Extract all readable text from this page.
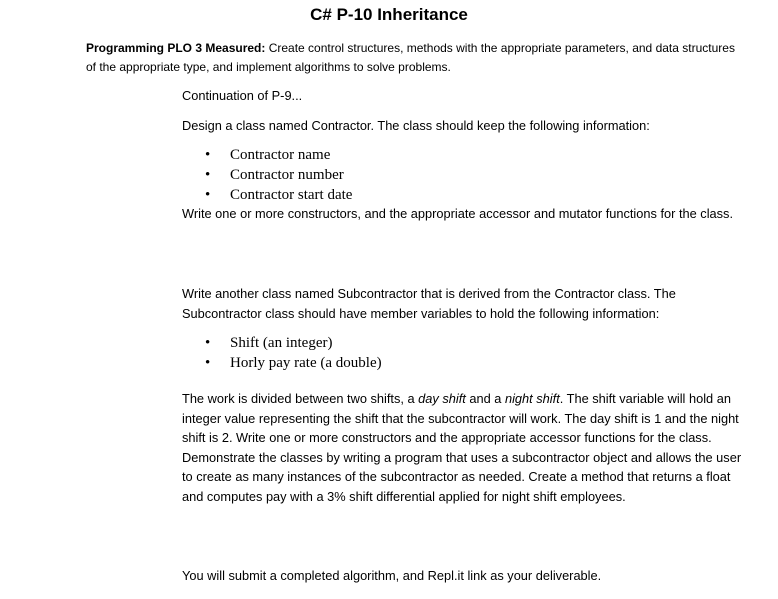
C# P-10 Inheritance
Programming PLO 3 Measured: Create control structures, methods with the appropriate parameters, and data structures of the appropriate type, and implement algorithms to solve problems.
Continuation of P-9...
Design a class named Contractor. The class should keep the following information:
• Contractor name
• Contractor number
• Contractor start date
Write one or more constructors, and the appropriate accessor and mutator functions for the class.
Write another class named Subcontractor that is derived from the Contractor class. The Subcontractor class should have member variables to hold the following information:
• Shift (an integer)
• Horly pay rate (a double)
The work is divided between two shifts, a day shift and a night shift. The shift variable will hold an integer value representing the shift that the subcontractor will work. The day shift is 1 and the night shift is 2. Write one or more constructors and the appropriate accessor functions for the class. Demonstrate the classes by writing a program that uses a subcontractor object and allows the user to create as many instances of the subcontractor as needed. Create a method that returns a float and computes pay with a 3% shift differential applied for night shift employees.
You will submit a completed algorithm, and Repl.it link as your deliverable.
